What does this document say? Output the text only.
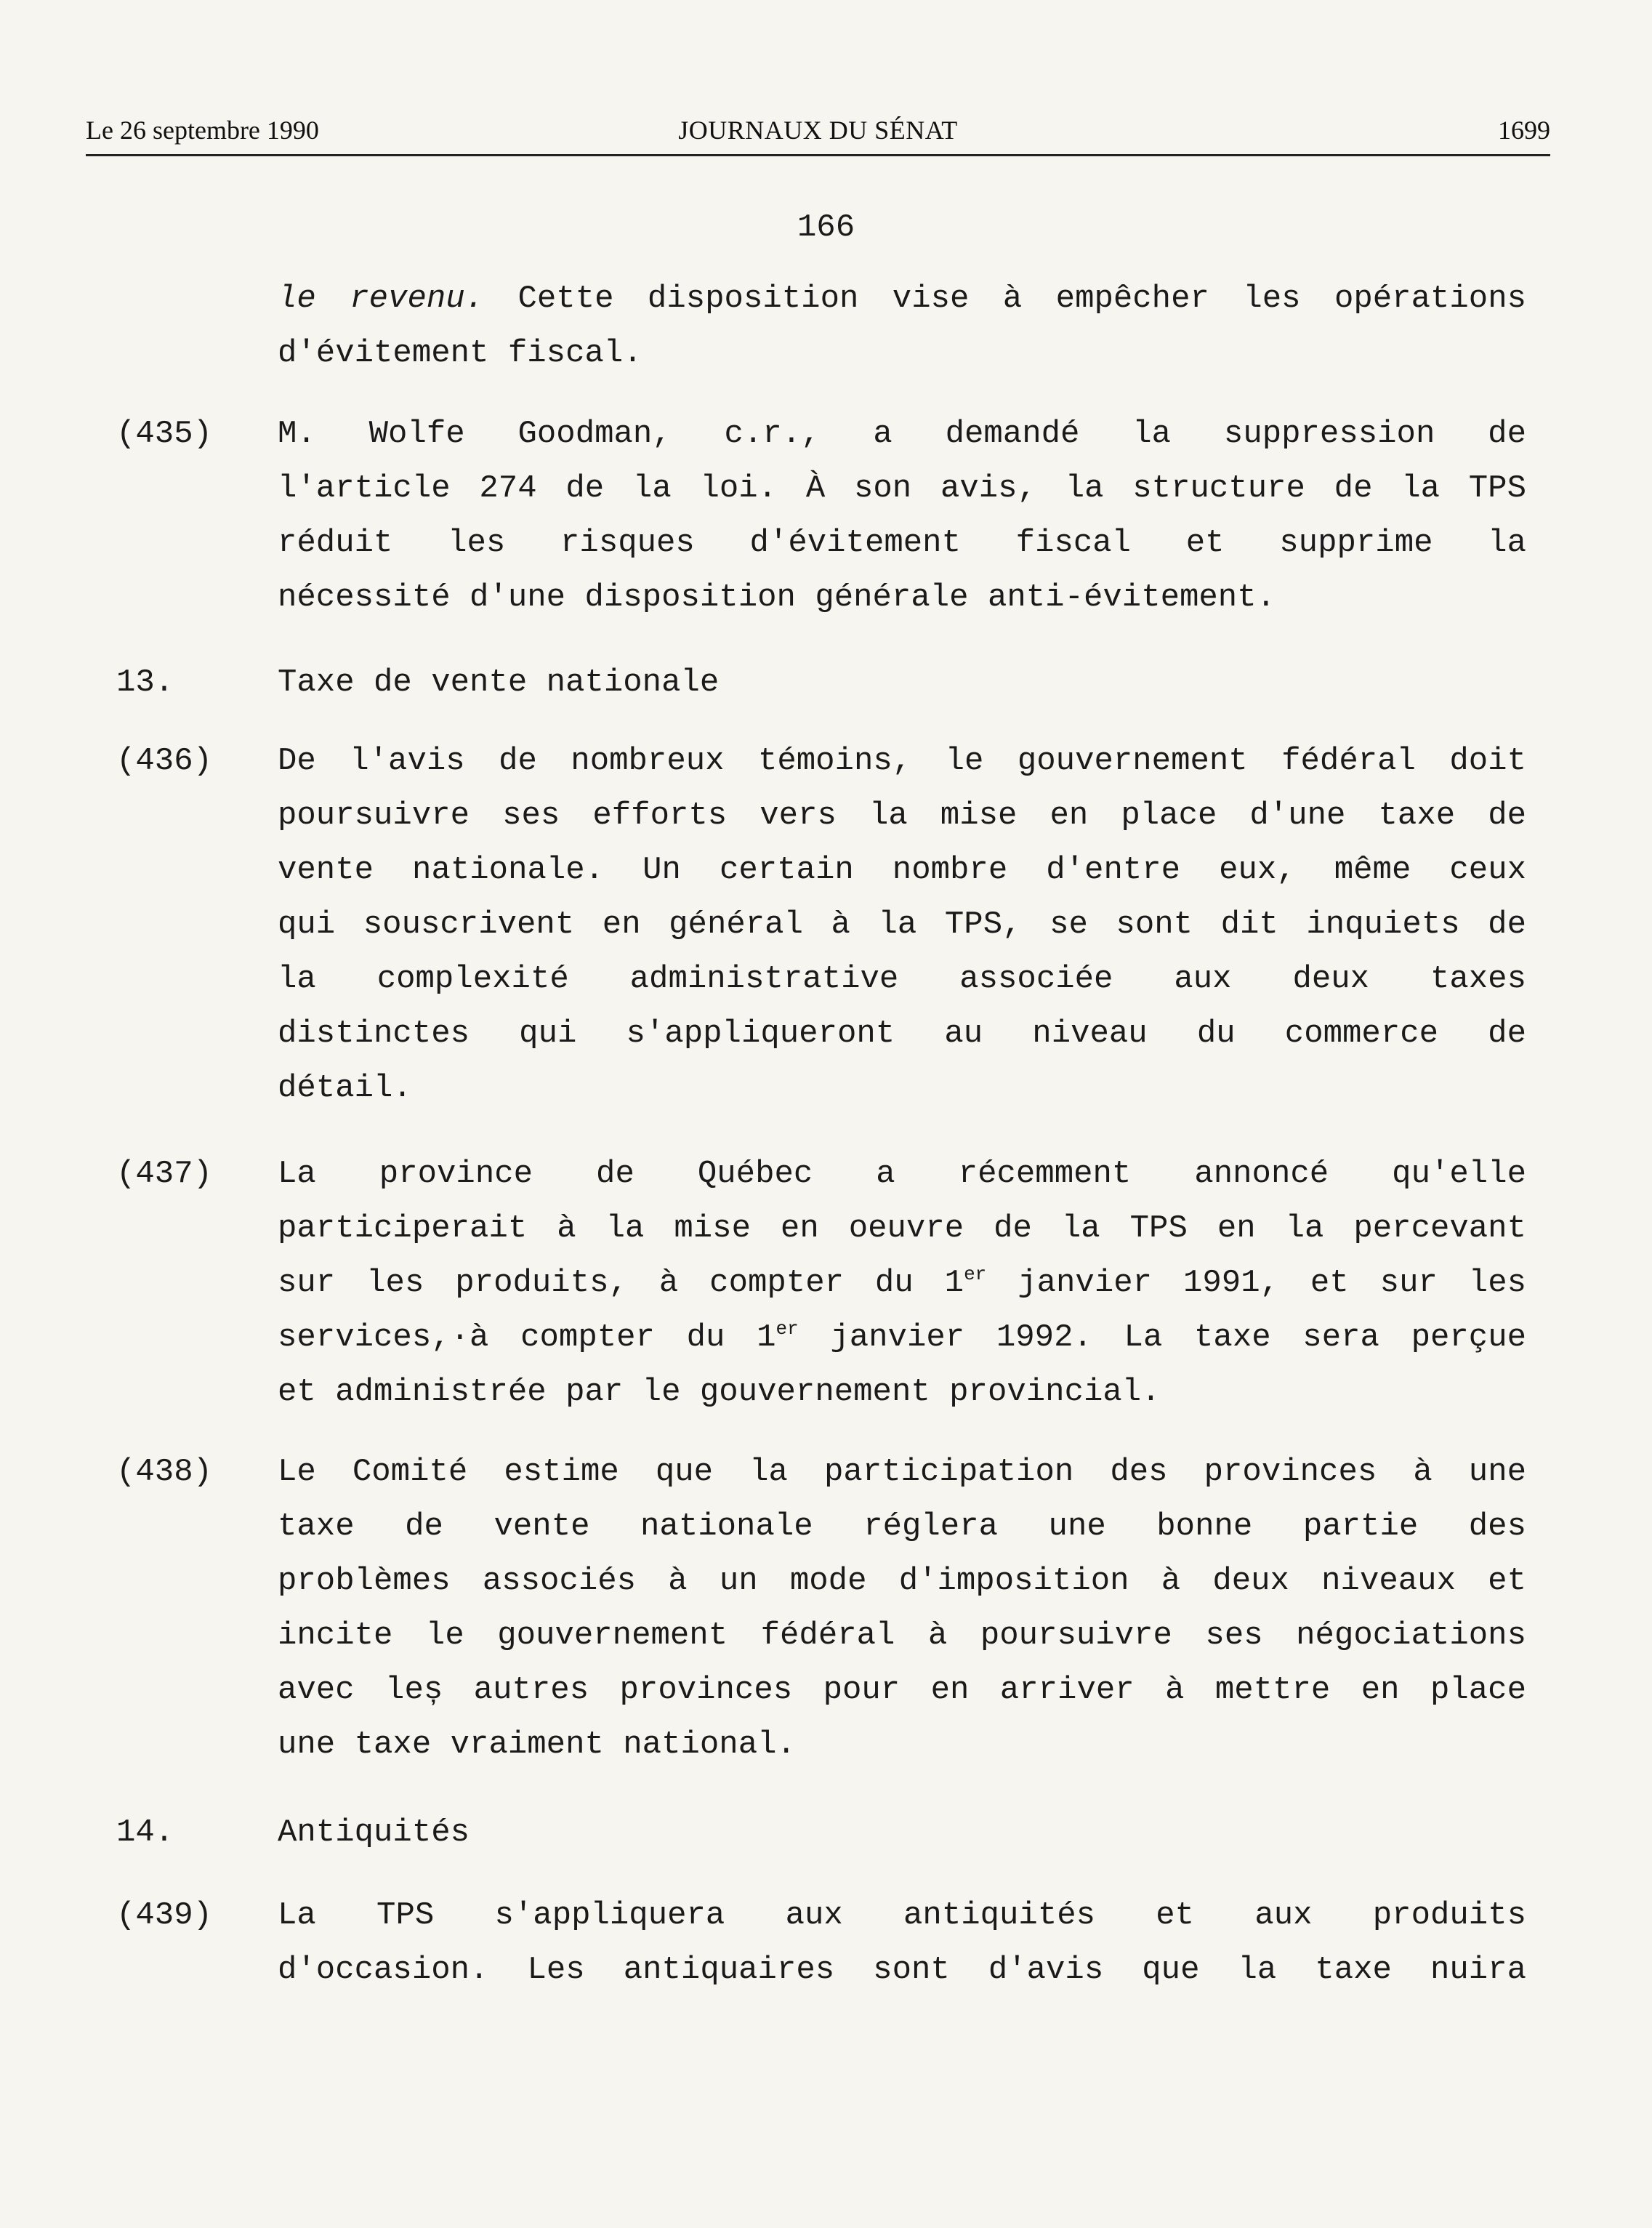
Le 26 septembre 1990	JOURNAUX DU SÉNAT	1699
166
le revenu. Cette disposition vise à empêcher les opérations
d'évitement fiscal.
(435) M. Wolfe Goodman, c.r., a demandé la suppression de
l'article 274 de la loi. À son avis, la structure de la TPS
réduit les risques d'évitement fiscal et supprime la
nécessité d'une disposition générale anti-évitement.
13.	Taxe de vente nationale
(436) De l'avis de nombreux témoins, le gouvernement fédéral doit
poursuivre ses efforts vers la mise en place d'une taxe de
vente nationale. Un certain nombre d'entre eux, même ceux
qui souscrivent en général à la TPS, se sont dit inquiets de
la complexité administrative associée aux deux taxes
distinctes qui s'appliqueront au niveau du commerce de
détail.
(437) La province de Québec a récemment annoncé qu'elle
participerait à la mise en oeuvre de la TPS en la percevant
sur les produits, à compter du 1er janvier 1991, et sur les
services,·à compter du 1er janvier 1992. La taxe sera perçue
et administrée par le gouvernement provincial.
(438) Le Comité estime que la participation des provinces à une
taxe de vente nationale réglera une bonne partie des
problèmes associés à un mode d'imposition à deux niveaux et
incite le gouvernement fédéral à poursuivre ses négociations
avec leș autres provinces pour en arriver à mettre en place
une taxe vraiment national.
14.	Antiquités
(439) La TPS s'appliquera aux antiquités et aux produits
d'occasion. Les antiquaires sont d'avis que la taxe nuira
